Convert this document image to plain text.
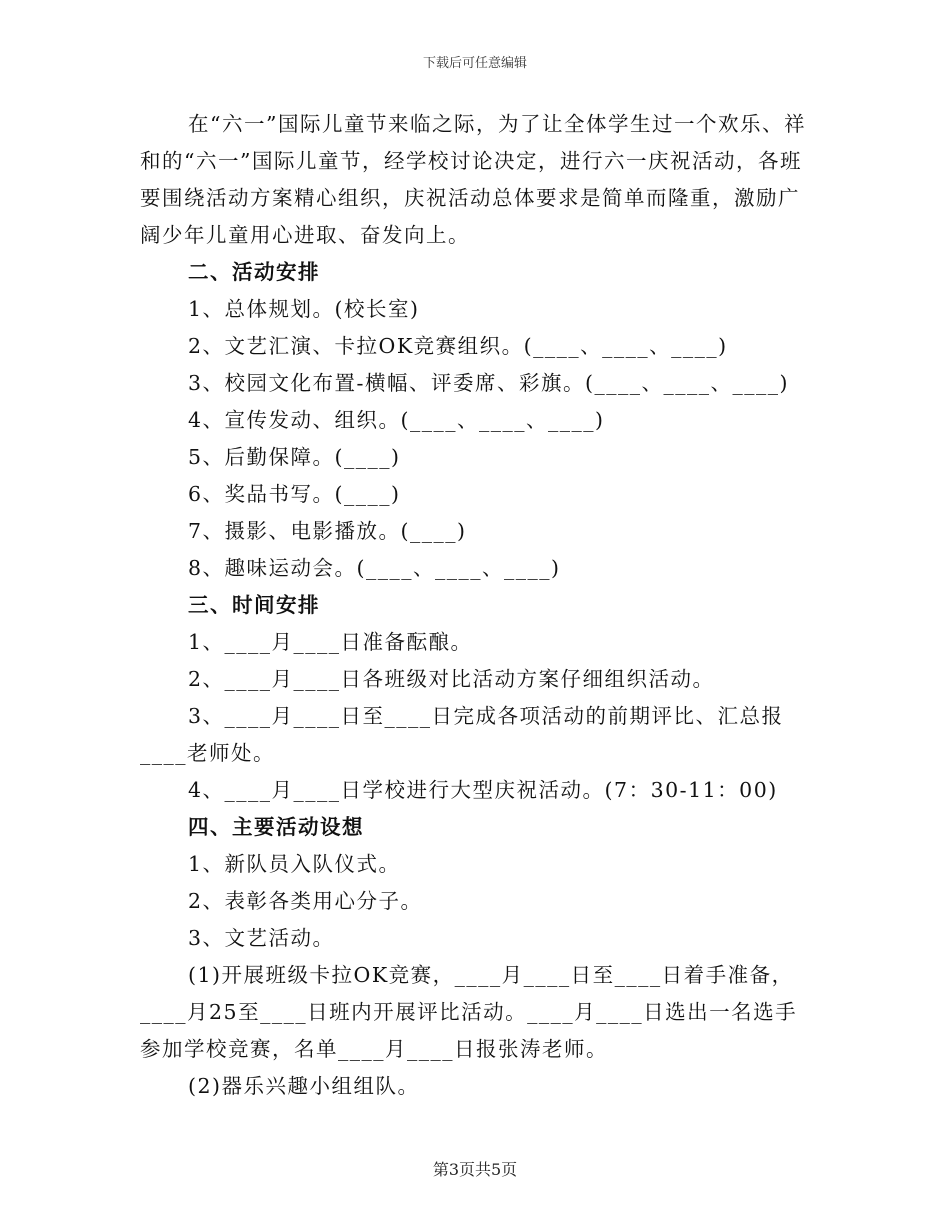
下载后可任意编辑

在“六一”国际儿童节来临之际，为了让全体学生过一个欢乐、祥和的“六一”国际儿童节，经学校讨论决定，进行六一庆祝活动，各班要围绕活动方案精心组织，庆祝活动总体要求是简单而隆重，激励广阔少年儿童用心进取、奋发向上。

二、活动安排

1、总体规划。(校长室)

2、文艺汇演、卡拉OK竞赛组织。(____、____、____)

3、校园文化布置-横幅、评委席、彩旗。(____、____、____)

4、宣传发动、组织。(____、____、____)

5、后勤保障。(____)

6、奖品书写。(____)

7、摄影、电影播放。(____)

8、趣味运动会。(____、____、____)

三、时间安排

1、____月____日准备酝酿。

2、____月____日各班级对比活动方案仔细组织活动。

3、____月____日至____日完成各项活动的前期评比、汇总报____老师处。

4、____月____日学校进行大型庆祝活动。(7：30-11：00)

四、主要活动设想

1、新队员入队仪式。

2、表彰各类用心分子。

3、文艺活动。

(1)开展班级卡拉OK竞赛，____月____日至____日着手准备，____月25至____日班内开展评比活动。____月____日选出一名选手参加学校竞赛，名单____月____日报张涛老师。

(2)器乐兴趣小组组队。

第3页共5页
